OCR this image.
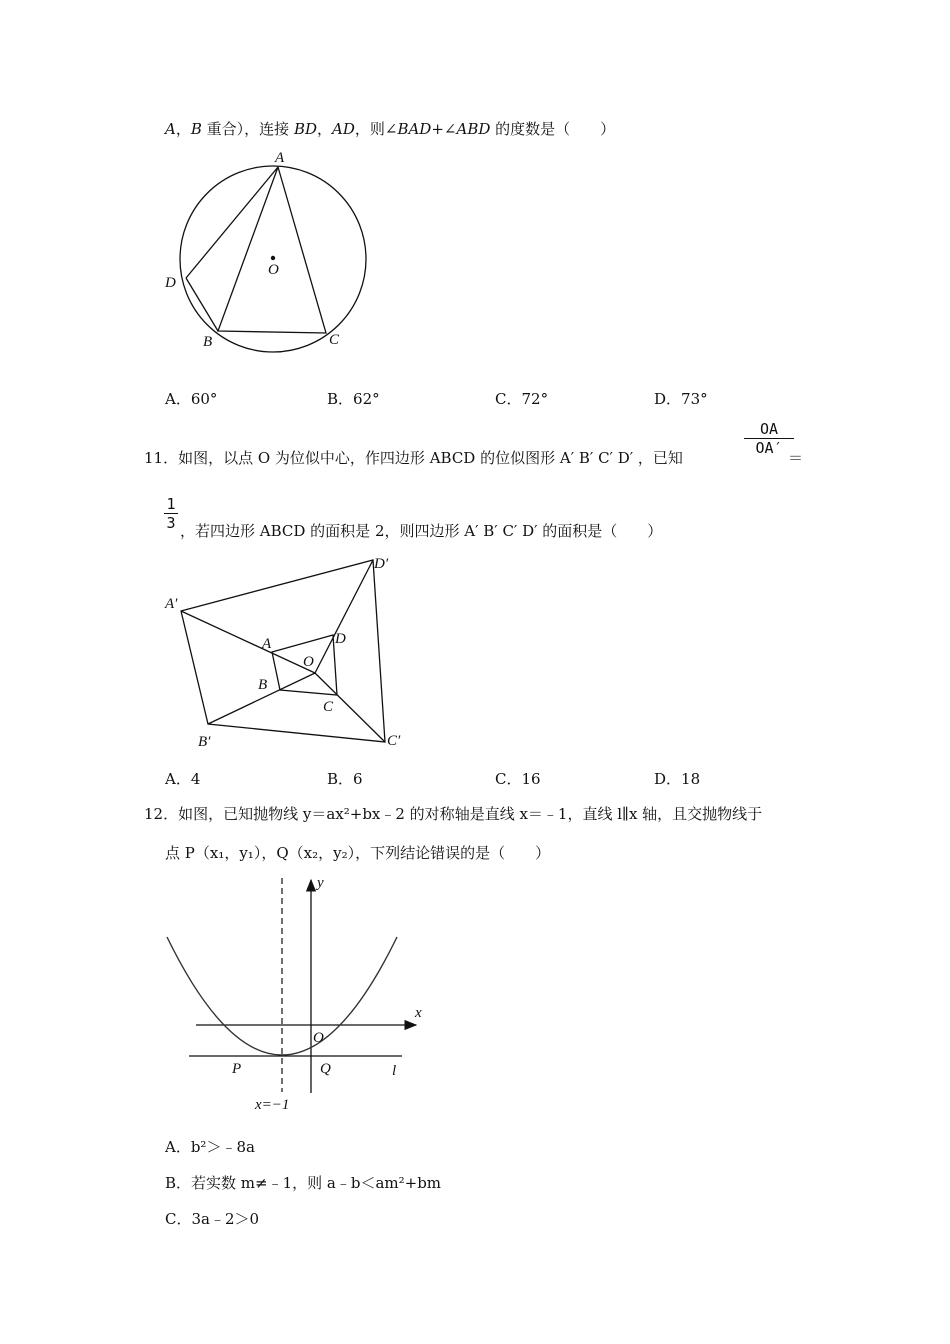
A，B 重合），连接 BD，AD，则∠BAD+∠ABD 的度数是（　　）
A
O
D
B	C
A．60°	B．62°	C．72°	D．73°
11．如图，以点 O 为位似中心，作四边形 ABCD 的位似图形 A′ B′ C′ D′ ，已知
OA
OA′
＝
1
3 ，若四边形 ABCD 的面积是 2，则四边形 A′ B′ C′ D′ 的面积是（　　）
A′
D′
B′	C′
A	D
O
B
C
A．4	B．6	C．16	D．18
12．如图，已知抛物线 y＝ax²+bx﹣2 的对称轴是直线 x＝﹣1，直线 l∥x 轴，且交抛物线于
点 P（x₁，y₁），Q（x₂，y₂），下列结论错误的是（　　）
y
x
O
P	Q	l
x=−1
A．b²＞﹣8a
B．若实数 m≠﹣1，则 a﹣b＜am²+bm
C．3a﹣2＞0
